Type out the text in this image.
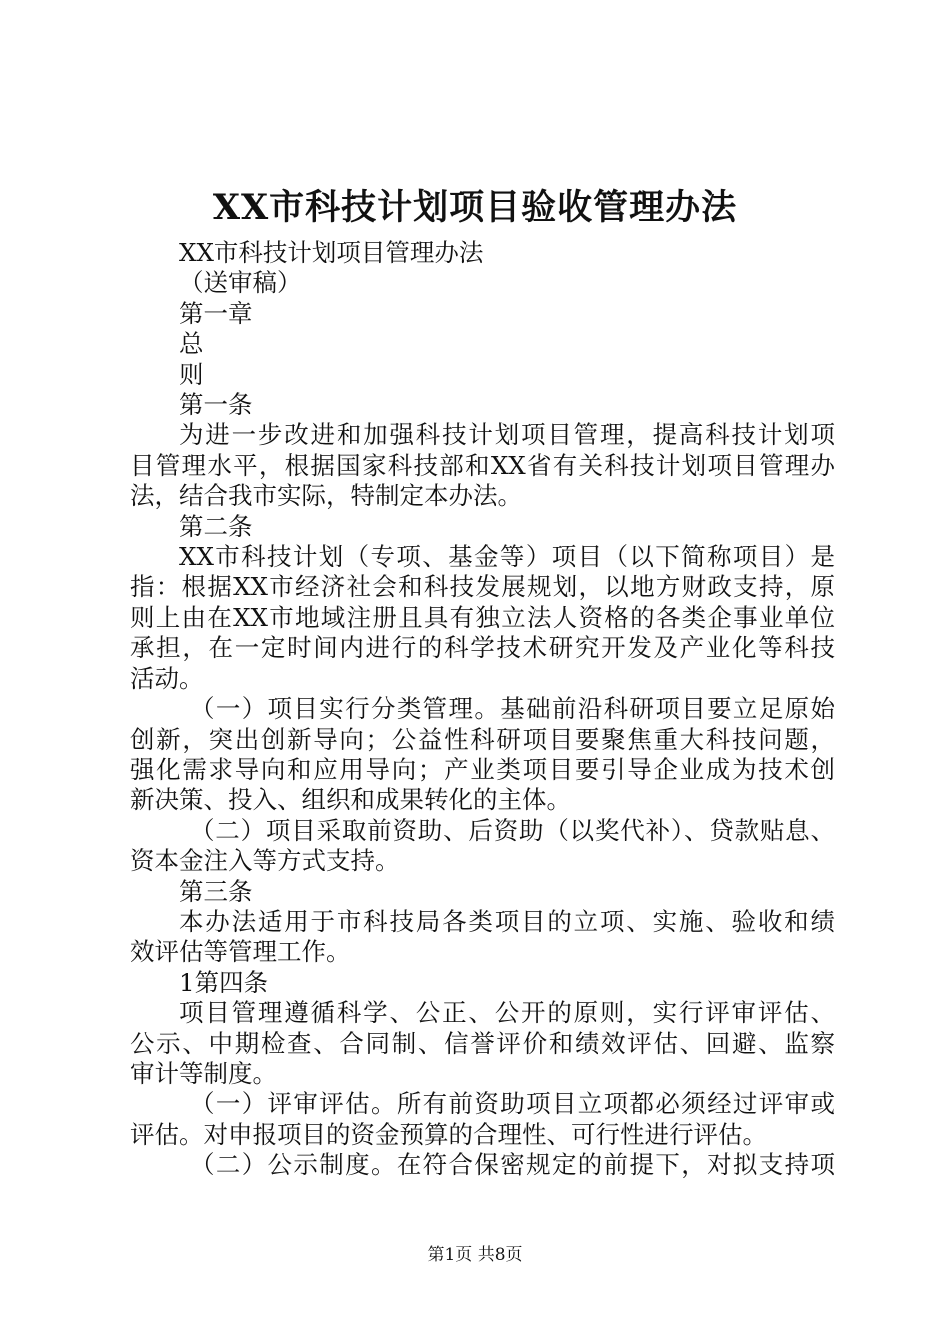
XX市科技计划项目验收管理办法
XX市科技计划项目管理办法
（送审稿）
第一章
总
则
第一条
为进一步改进和加强科技计划项目管理，提高科技计划项
目管理水平，根据国家科技部和XX省有关科技计划项目管理办
法，结合我市实际，特制定本办法。
第二条
XX市科技计划（专项、基金等）项目（以下简称项目）是
指：根据XX市经济社会和科技发展规划，以地方财政支持，原
则上由在XX市地域注册且具有独立法人资格的各类企事业单位
承担，在一定时间内进行的科学技术研究开发及产业化等科技
活动。
（一）项目实行分类管理。基础前沿科研项目要立足原始
创新，突出创新导向；公益性科研项目要聚焦重大科技问题，
强化需求导向和应用导向；产业类项目要引导企业成为技术创
新决策、投入、组织和成果转化的主体。
（二）项目采取前资助、后资助（以奖代补）、贷款贴息、
资本金注入等方式支持。
第三条
本办法适用于市科技局各类项目的立项、实施、验收和绩
效评估等管理工作。
1第四条
项目管理遵循科学、公正、公开的原则，实行评审评估、
公示、中期检查、合同制、信誉评价和绩效评估、回避、监察
审计等制度。
（一）评审评估。所有前资助项目立项都必须经过评审或
评估。对申报项目的资金预算的合理性、可行性进行评估。
（二）公示制度。在符合保密规定的前提下，对拟支持项
第1页 共8页
